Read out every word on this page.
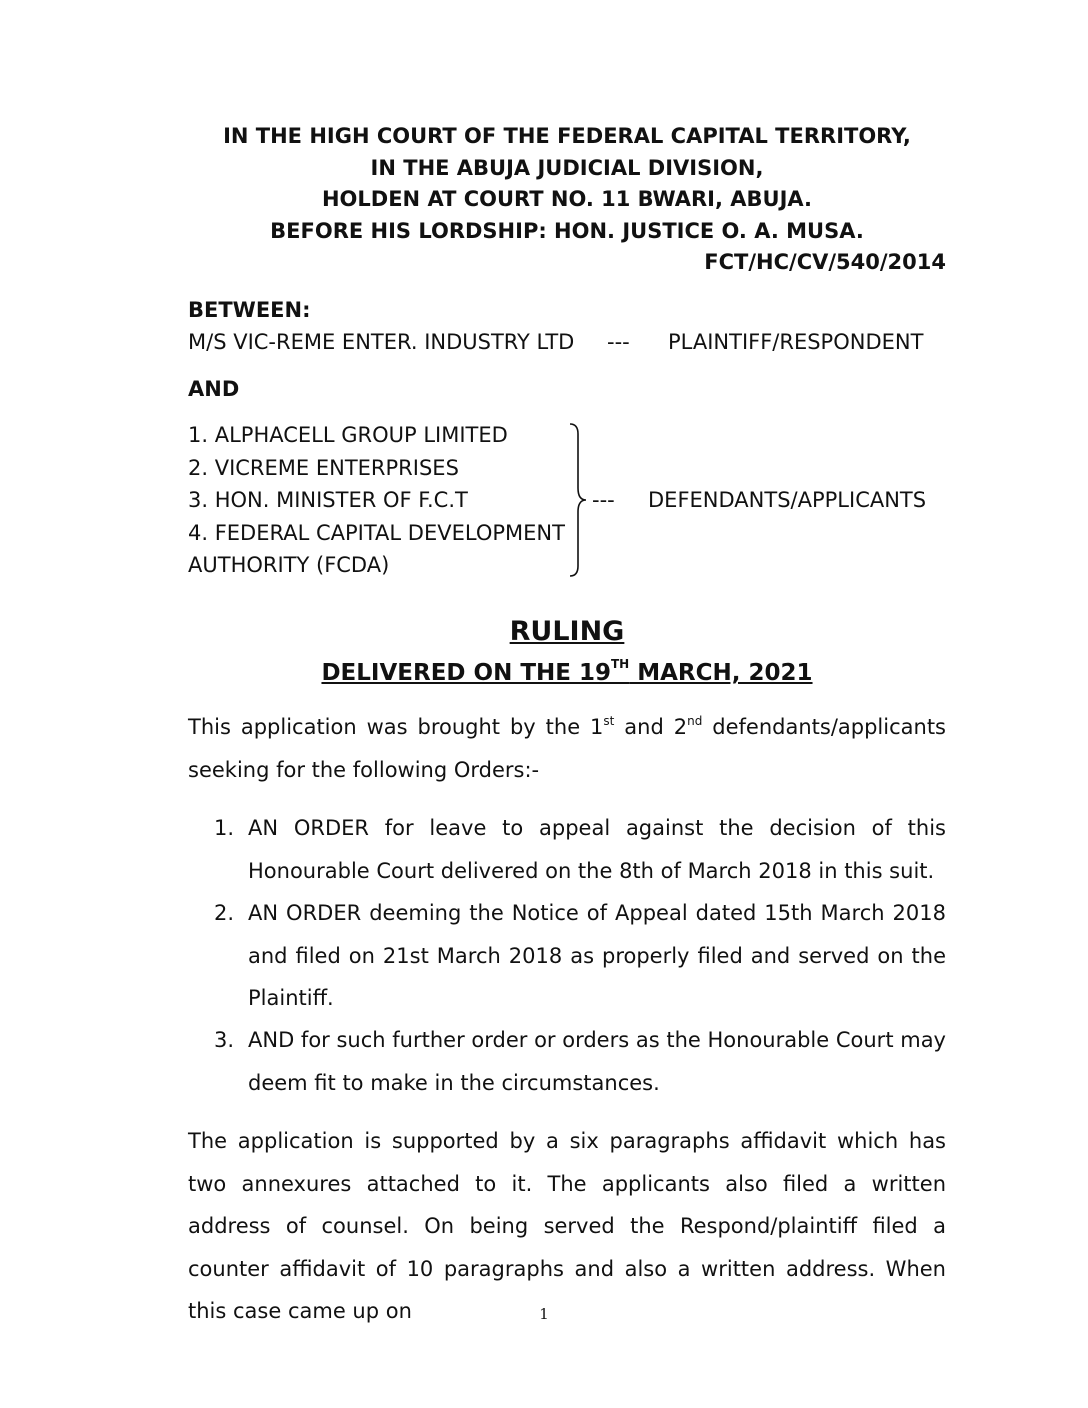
IN THE HIGH COURT OF THE FEDERAL CAPITAL TERRITORY,
IN THE ABUJA JUDICIAL DIVISION,
HOLDEN AT COURT NO. 11 BWARI, ABUJA.
BEFORE HIS LORDSHIP: HON. JUSTICE O. A. MUSA.
FCT/HC/CV/540/2014
BETWEEN:
M/S VIC-REME ENTER. INDUSTRY LTD --- PLAINTIFF/RESPONDENT
AND
1. ALPHACELL GROUP LIMITED
2. VICREME ENTERPRISES
3. HON. MINISTER OF F.C.T
4. FEDERAL CAPITAL DEVELOPMENT
AUTHORITY (FCDA)
--- DEFENDANTS/APPLICANTS
RULING
DELIVERED ON THE 19TH MARCH, 2021
This application was brought by the 1st and 2nd defendants/applicants seeking for the following Orders:-
1. AN ORDER for leave to appeal against the decision of this Honourable Court delivered on the 8th of March 2018 in this suit.
2. AN ORDER deeming the Notice of Appeal dated 15th March 2018 and filed on 21st March 2018 as properly filed and served on the Plaintiff.
3. AND for such further order or orders as the Honourable Court may deem fit to make in the circumstances.
The application is supported by a six paragraphs affidavit which has two annexures attached to it. The applicants also filed a written address of counsel. On being served the Respond/plaintiff filed a counter affidavit of 10 paragraphs and also a written address. When this case came up on	1
